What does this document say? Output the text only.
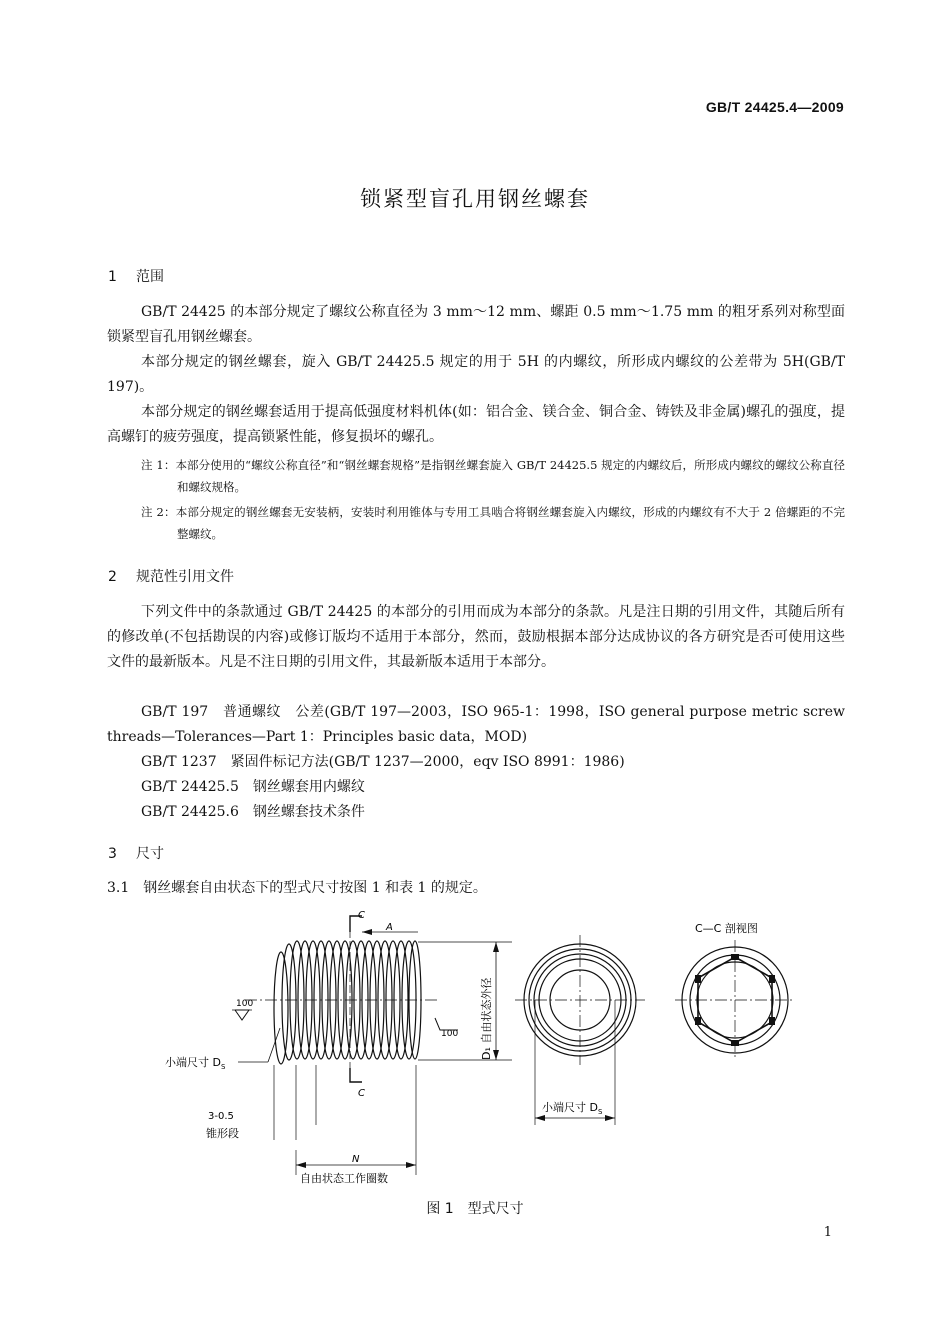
GB/T 24425.4—2009
锁紧型盲孔用钢丝螺套
1 范围
GB/T 24425 的本部分规定了螺纹公称直径为 3 mm～12 mm、螺距 0.5 mm～1.75 mm 的粗牙系列对称型面锁紧型盲孔用钢丝螺套。
本部分规定的钢丝螺套，旋入 GB/T 24425.5 规定的用于 5H 的内螺纹，所形成内螺纹的公差带为 5H(GB/T 197)。
本部分规定的钢丝螺套适用于提高低强度材料机体(如：铝合金、镁合金、铜合金、铸铁及非金属)螺孔的强度，提高螺钉的疲劳强度，提高锁紧性能，修复损坏的螺孔。
注 1：本部分使用的“螺纹公称直径”和“钢丝螺套规格”是指钢丝螺套旋入 GB/T 24425.5 规定的内螺纹后，所形成内螺纹的螺纹公称直径和螺纹规格。
注 2：本部分规定的钢丝螺套无安装柄，安装时利用锥体与专用工具啮合将钢丝螺套旋入内螺纹，形成的内螺纹有不大于 2 倍螺距的不完整螺纹。
2 规范性引用文件
下列文件中的条款通过 GB/T 24425 的本部分的引用而成为本部分的条款。凡是注日期的引用文件，其随后所有的修改单(不包括勘误的内容)或修订版均不适用于本部分，然而，鼓励根据本部分达成协议的各方研究是否可使用这些文件的最新版本。凡是不注日期的引用文件，其最新版本适用于本部分。
GB/T 197　普通螺纹　公差(GB/T 197—2003，ISO 965-1：1998，ISO general purpose metric screw threads—Tolerances—Part 1：Principles basic data，MOD)
GB/T 1237　紧固件标记方法(GB/T 1237—2000，eqv ISO 8991：1986)
GB/T 24425.5　钢丝螺套用内螺纹
GB/T 24425.6　钢丝螺套技术条件
3 尺寸
3.1　钢丝螺套自由状态下的型式尺寸按图 1 和表 1 的规定。
C
A
C
C—C 剖视图
100
100 D₁ 自由状态外径
小端尺寸 $D_S$
小端尺寸 $D_S$
3-0.5
锥形段
N
自由状态工作圈数
图 1　型式尺寸
1
